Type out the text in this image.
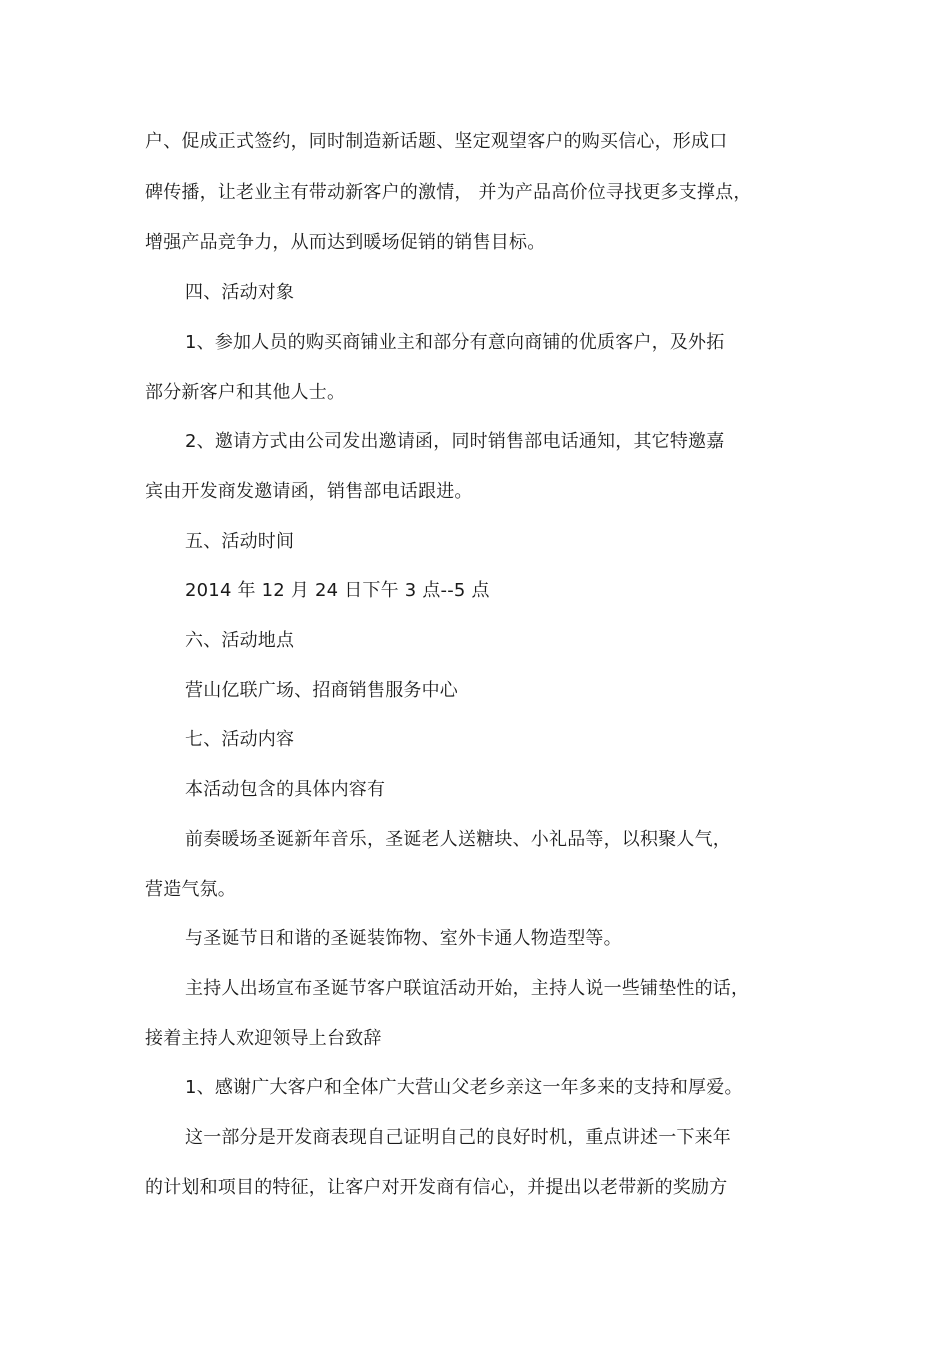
户、促成正式签约，同时制造新话题、坚定观望客户的购买信心，形成口
碑传播，让老业主有带动新客户的激情， 并为产品高价位寻找更多支撑点，
增强产品竞争力，从而达到暖场促销的销售目标。
四、活动对象
1、参加人员的购买商铺业主和部分有意向商铺的优质客户，及外拓
部分新客户和其他人士。
2、邀请方式由公司发出邀请函，同时销售部电话通知，其它特邀嘉
宾由开发商发邀请函，销售部电话跟进。
五、活动时间
2014 年 12 月 24 日下午 3 点--5 点
六、活动地点
营山亿联广场、招商销售服务中心
七、活动内容
本活动包含的具体内容有
前奏暖场圣诞新年音乐，圣诞老人送糖块、小礼品等，以积聚人气，
营造气氛。
与圣诞节日和谐的圣诞装饰物、室外卡通人物造型等。
主持人出场宣布圣诞节客户联谊活动开始，主持人说一些铺垫性的话，
接着主持人欢迎领导上台致辞
1、感谢广大客户和全体广大营山父老乡亲这一年多来的支持和厚爱。
这一部分是开发商表现自己证明自己的良好时机，重点讲述一下来年
的计划和项目的特征，让客户对开发商有信心，并提出以老带新的奖励方
